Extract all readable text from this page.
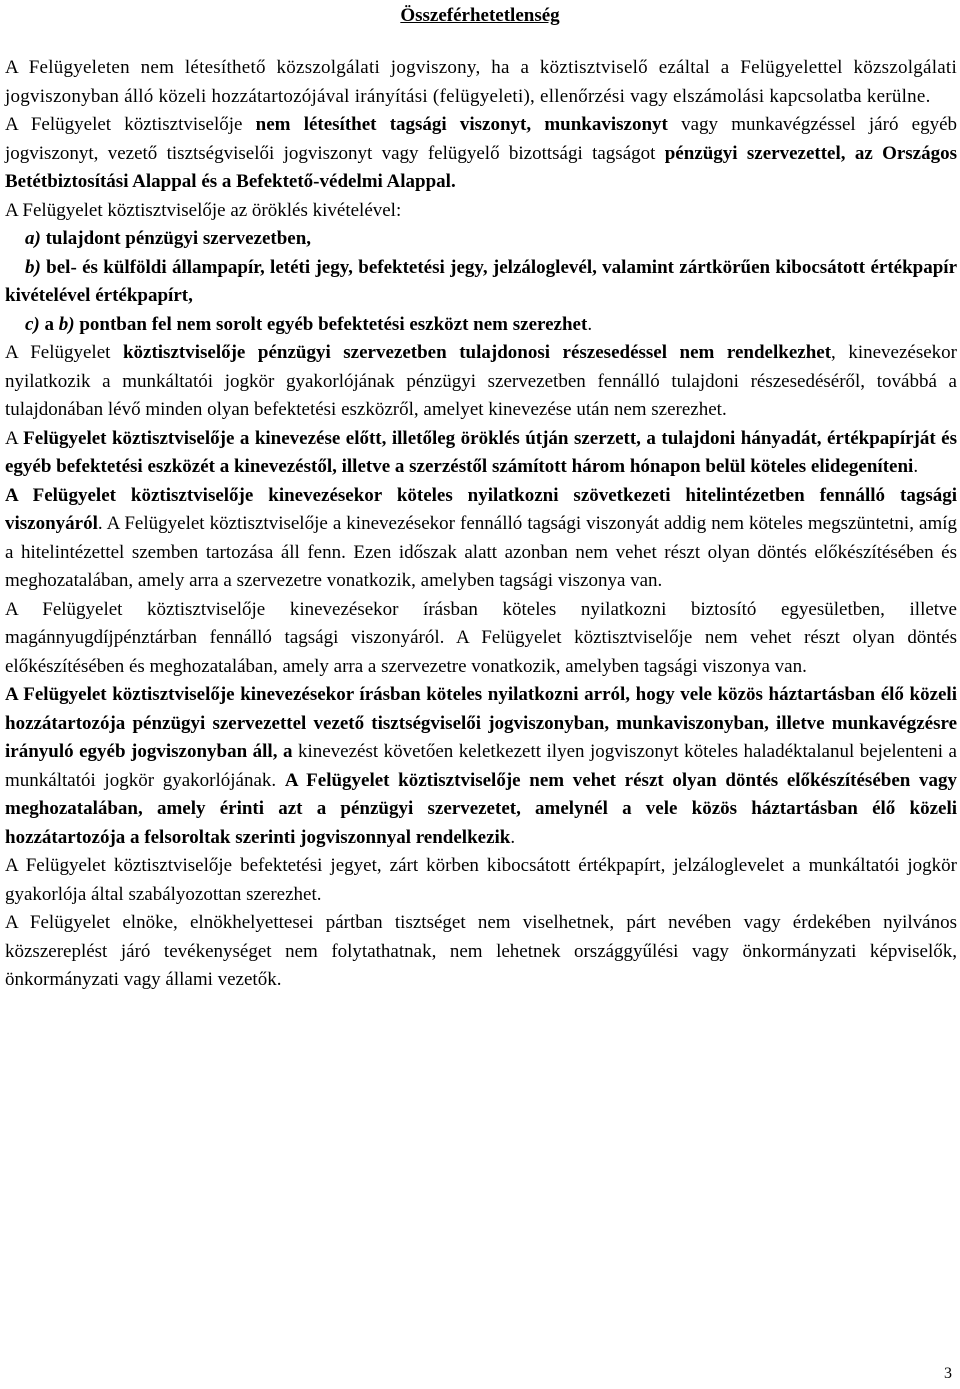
Összeférhetetlenség

A Felügyeleten nem létesíthető közszolgálati jogviszony, ha a köztisztviselő ezáltal a Felügyelettel közszolgálati jogviszonyban álló közeli hozzátartozójával irányítási (felügyeleti), ellenőrzési vagy elszámolási kapcsolatba kerülne.

A Felügyelet köztisztviselője nem létesíthet tagsági viszonyt, munkaviszonyt vagy munkavégzéssel járó egyéb jogviszonyt, vezető tisztségviselői jogviszonyt vagy felügyelő bizottsági tagságot pénzügyi szervezettel, az Országos Betétbiztosítási Alappal és a Befektető-védelmi Alappal.

A Felügyelet köztisztviselője az öröklés kivételével:

a) tulajdont pénzügyi szervezetben,

b) bel- és külföldi állampapír, letéti jegy, befektetési jegy, jelzáloglevél, valamint zártkörűen kibocsátott értékpapír kivételével értékpapírt,

c) a b) pontban fel nem sorolt egyéb befektetési eszközt nem szerezhet.

A Felügyelet köztisztviselője pénzügyi szervezetben tulajdonosi részesedéssel nem rendelkezhet, kinevezésekor nyilatkozik a munkáltatói jogkör gyakorlójának pénzügyi szervezetben fennálló tulajdoni részesedéséről, továbbá a tulajdonában lévő minden olyan befektetési eszközről, amelyet kinevezése után nem szerezhet.

A Felügyelet köztisztviselője a kinevezése előtt, illetőleg öröklés útján szerzett, a tulajdoni hányadát, értékpapírját és egyéb befektetési eszközét a kinevezéstől, illetve a szerzéstől számított három hónapon belül köteles elidegeníteni.

A Felügyelet köztisztviselője kinevezésekor köteles nyilatkozni szövetkezeti hitelintézetben fennálló tagsági viszonyáról. A Felügyelet köztisztviselője a kinevezésekor fennálló tagsági viszonyát addig nem köteles megszüntetni, amíg a hitelintézettel szemben tartozása áll fenn. Ezen időszak alatt azonban nem vehet részt olyan döntés előkészítésében és meghozatalában, amely arra a szervezetre vonatkozik, amelyben tagsági viszonya van.

A Felügyelet köztisztviselője kinevezésekor írásban köteles nyilatkozni biztosító egyesületben, illetve magánnyugdíjpénztárban fennálló tagsági viszonyáról. A Felügyelet köztisztviselője nem vehet részt olyan döntés előkészítésében és meghozatalában, amely arra a szervezetre vonatkozik, amelyben tagsági viszonya van.

A Felügyelet köztisztviselője kinevezésekor írásban köteles nyilatkozni arról, hogy vele közös háztartásban élő közeli hozzátartozója pénzügyi szervezettel vezető tisztségviselői jogviszonyban, munkaviszonyban, illetve munkavégzésre irányuló egyéb jogviszonyban áll, a kinevezést követően keletkezett ilyen jogviszonyt köteles haladéktalanul bejelenteni a munkáltatói jogkör gyakorlójának. A Felügyelet köztisztviselője nem vehet részt olyan döntés előkészítésében vagy meghozatalában, amely érinti azt a pénzügyi szervezetet, amelynél a vele közös háztartásban élő közeli hozzátartozója a felsoroltak szerinti jogviszonnyal rendelkezik.

A Felügyelet köztisztviselője befektetési jegyet, zárt körben kibocsátott értékpapírt, jelzáloglevelet a munkáltatói jogkör gyakorlója által szabályozottan szerezhet.

A Felügyelet elnöke, elnökhelyettesei pártban tisztséget nem viselhetnek, párt nevében vagy érdekében nyilvános közszereplést járó tevékenységet nem folytathatnak, nem lehetnek országgyűlési vagy önkormányzati képviselők, önkormányzati vagy állami vezetők.

3
